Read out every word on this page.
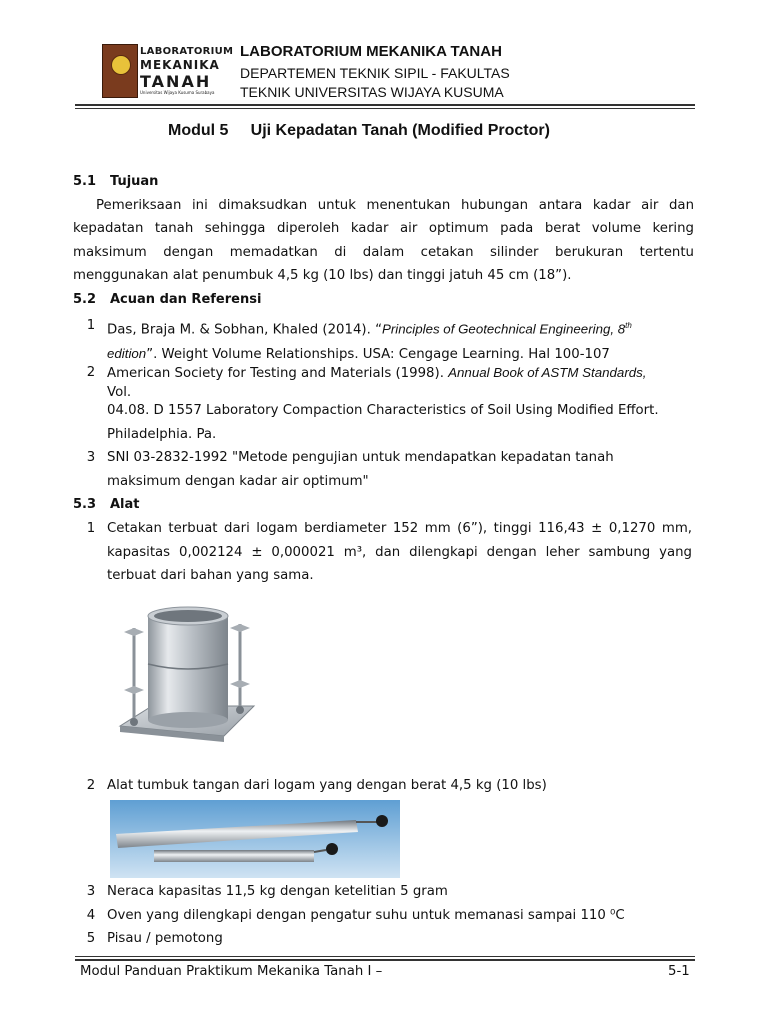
LABORATORIUM
MEKANIKA
TANAH
Universitas Wijaya Kusuma Surabaya
LABORATORIUM MEKANIKA TANAH
DEPARTEMEN TEKNIK SIPIL - FAKULTAS
TEKNIK UNIVERSITAS WIJAYA KUSUMA
Modul 5     Uji Kepadatan Tanah (Modified Proctor)
5.1 Tujuan
Pemeriksaan ini dimaksudkan untuk menentukan hubungan antara kadar air dan kepadatan tanah sehingga diperoleh kadar air optimum pada berat volume kering maksimum dengan memadatkan di dalam cetakan silinder berukuran tertentu menggunakan alat penumbuk 4,5 kg (10 lbs) dan tinggi jatuh 45 cm (18”).
5.2 Acuan dan Referensi
1 Das, Braja M. & Sobhan, Khaled (2014). “Principles of Geotechnical Engineering, 8th
edition”. Weight Volume Relationships. USA: Cengage Learning. Hal 100-107
2 American Society for Testing and Materials (1998). Annual Book of ASTM Standards,
Vol.
04.08. D 1557 Laboratory Compaction Characteristics of Soil Using Modified Effort. Philadelphia. Pa.
3 SNI 03-2832-1992 "Metode pengujian untuk mendapatkan kepadatan tanah maksimum dengan kadar air optimum"
5.3 Alat
1 Cetakan terbuat dari logam berdiameter 152 mm (6”), tinggi 116,43 ± 0,1270 mm, kapasitas 0,002124 ± 0,000021 m³, dan dilengkapi dengan leher sambung yang terbuat dari bahan yang sama.
2 Alat tumbuk tangan dari logam yang dengan berat 4,5 kg (10 lbs)
3 Neraca kapasitas 11,5 kg dengan ketelitian 5 gram
4 Oven yang dilengkapi dengan pengatur suhu untuk memanasi sampai 110 ⁰C
5 Pisau / pemotong
Modul Panduan Praktikum Mekanika Tanah I –	5-1
